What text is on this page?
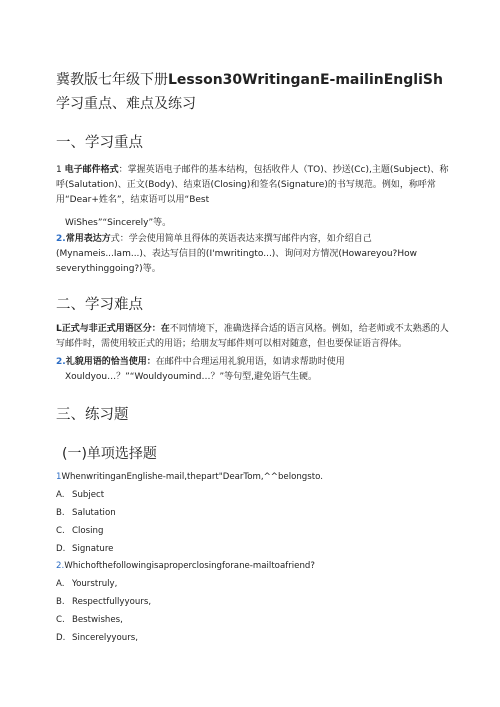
冀教版七年级下册Lesson30WritinganE-mailinEngliSh学习重点、难点及练习
一、学习重点
1 电子邮件格式：掌握英语电子邮件的基本结构，包括收件人（TO)、抄送(Cc),主题(Subject)、称呼(Salutation)、正文(Body)、结束语(Closing)和签名(Signature)的书写规范。例如，称呼常用“Dear+姓名”，结束语可以用“Best
WiShes”“Sincerely”等。
2.常用表达方式：学会使用简单且得体的英语表达来撰写邮件内容，如介绍自己(Mynameis...Iam...)、表达写信目的(I'mwritingto...)、询问对方情况(Howareyou?How severythinggoing?)等。
二、学习难点
L正式与非正式用语区分：在不同情境下，准确选择合适的语言风格。例如，给老师或不太熟悉的人写邮件时，需使用较正式的用语；给朋友写邮件则可以相对随意，但也要保证语言得体。
2.礼貌用语的恰当使用：在邮件中合理运用礼貌用语，如请求帮助时使用
Xouldyou…？”“Wouldyoumind…？”等句型,避免语气生硬。
三、练习题
(一)单项选择题
1WhenwritinganEnglishe-mail,thepart"DearTom,^^belongsto.
A. Subject
B. Salutation
C. Closing
D. Signature
2.Whichofthefollowingisaproperclosingforane-mailtoafriend?
A. Yourstruly,
B. Respectfullyyours,
C. Bestwishes,
D. Sincerelyyours,
